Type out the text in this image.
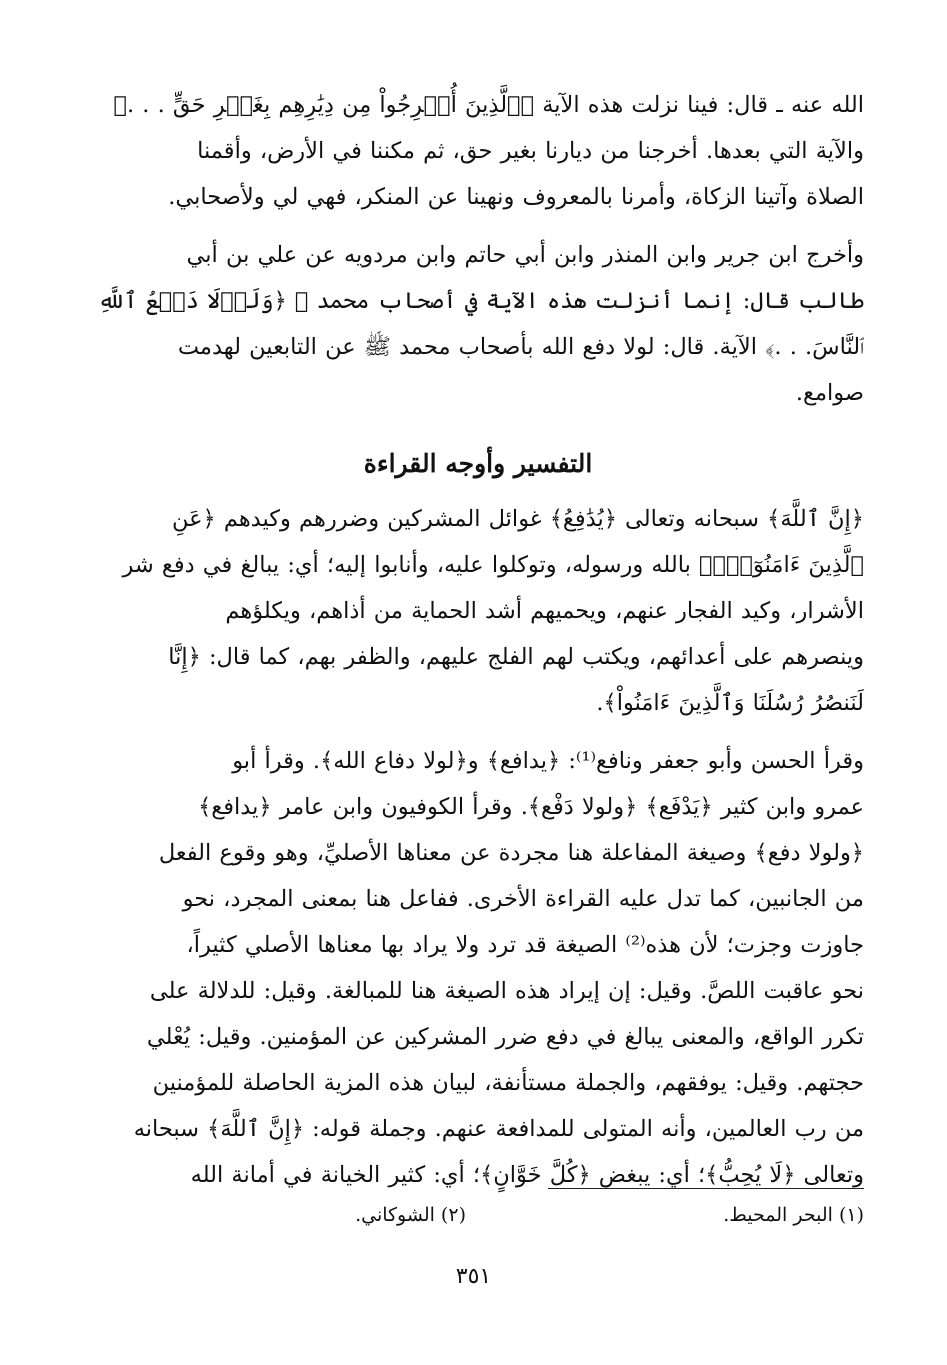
الله عنه ـ قال: فينا نزلت هذه الآية ﴿ٱلَّذِينَ أُخۡرِجُواْ مِن دِيَٰرِهِم بِغَيۡرِ حَقٍّ . . .﴾

والآية التي بعدها. أخرجنا من ديارنا بغير حق، ثم مكننا في الأرض، وأقمنا

الصلاة وآتينا الزكاة، وأمرنا بالمعروف ونهينا عن المنكر، فهي لي ولأصحابي.

وأخرج ابن جرير وابن المنذر وابن أبي حاتم وابن مردويه عن علي بن أبي

طالب قال: إنما أنزلت هذه الآية في أصحاب محمد ﷺ ﴿وَلَوۡلَا دَفۡعُ ٱللَّهِ

ٱلنَّاسَ. . .﴾ الآية. قال: لولا دفع الله بأصحاب محمد ﷺ عن التابعين لهدمت

صوامع.

التفسير وأوجه القراءة

﴿إِنَّ ٱللَّهَ﴾ سبحانه وتعالى ﴿يُدَٰفِعُ﴾ غوائل المشركين وضررهم وكيدهم ﴿عَنِ

ٱلَّذِينَ ءَامَنُوٓاْۗ﴾ بالله ورسوله، وتوكلوا عليه، وأنابوا إليه؛ أي: يبالغ في دفع شر

الأشرار، وكيد الفجار عنهم، ويحميهم أشد الحماية من أذاهم، ويكلؤهم

وينصرهم على أعدائهم، ويكتب لهم الفلج عليهم، والظفر بهم، كما قال: ﴿إِنَّا

لَنَنصُرُ رُسُلَنَا وَٱلَّذِينَ ءَامَنُواْ﴾.

وقرأ الحسن وأبو جعفر ونافع⁽¹⁾: ﴿يدافع﴾ و﴿لولا دفاع الله﴾. وقرأ أبو

عمرو وابن كثير ﴿يَدْفَع﴾ ﴿ولولا دَفْع﴾. وقرأ الكوفيون وابن عامر ﴿يدافع﴾

﴿ولولا دفع﴾ وصيغة المفاعلة هنا مجردة عن معناها الأصليِّ، وهو وقوع الفعل

من الجانبين، كما تدل عليه القراءة الأخرى. ففاعل هنا بمعنى المجرد، نحو

جاوزت وجزت؛ لأن هذه⁽²⁾ الصيغة قد ترد ولا يراد بها معناها الأصلي كثيراً،

نحو عاقبت اللصَّ. وقيل: إن إيراد هذه الصيغة هنا للمبالغة. وقيل: للدلالة على

تكرر الواقع، والمعنى يبالغ في دفع ضرر المشركين عن المؤمنين. وقيل: يُعْلي

حجتهم. وقيل: يوفقهم، والجملة مستأنفة، لبيان هذه المزية الحاصلة للمؤمنين

من رب العالمين، وأنه المتولى للمدافعة عنهم. وجملة قوله: ﴿إِنَّ ٱللَّهَ﴾ سبحانه

وتعالى ﴿لَا يُحِبُّ﴾؛ أي: يبغض ﴿كُلَّ خَوَّانٍ﴾؛ أي: كثير الخيانة في أمانة الله

(١) البحر المحيط.
(٢) الشوكاني.
٣٥١
